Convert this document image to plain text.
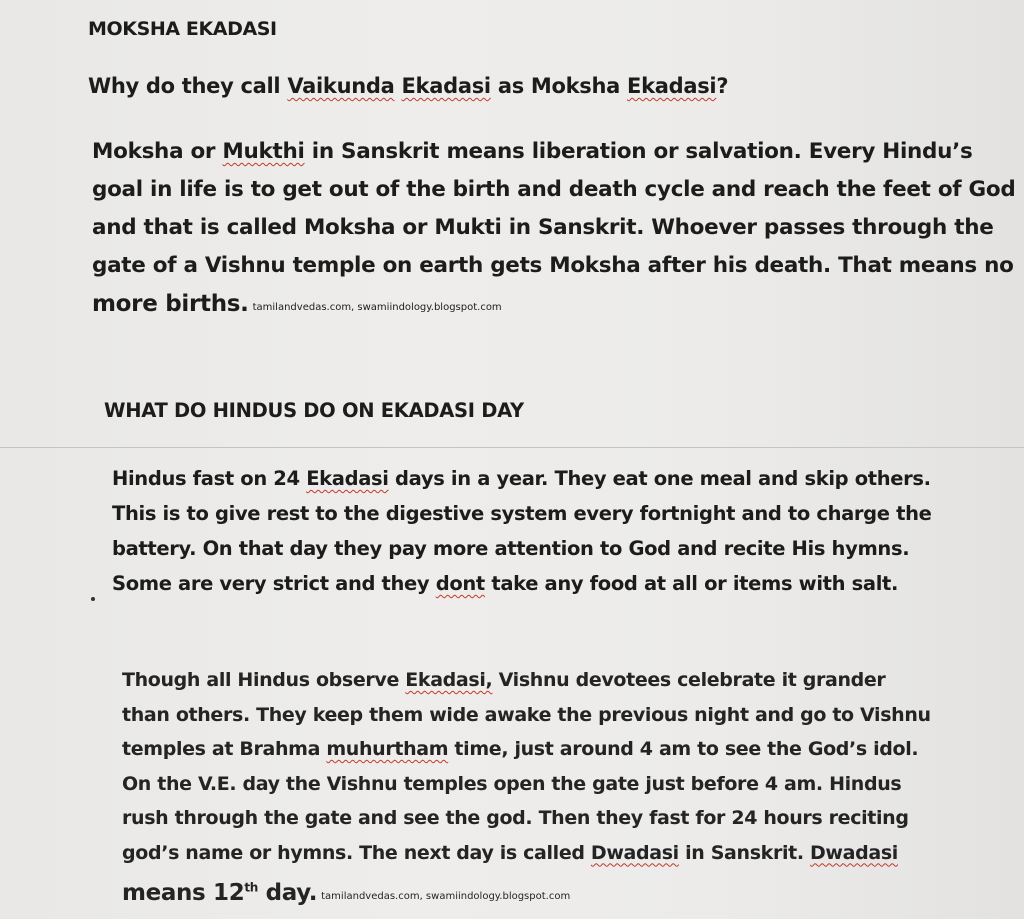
MOKSHA EKADASI
Why do they call Vaikunda Ekadasi as Moksha Ekadasi?
Moksha or Mukthi in Sanskrit means liberation or salvation. Every Hindu’s
goal in life is to get out of the birth and death cycle and reach the feet of God
and that is called Moksha or Mukti in Sanskrit. Whoever passes through the
gate of a Vishnu temple on earth gets Moksha after his death. That means no
more births. tamilandvedas.com, swamiindology.blogspot.com
WHAT DO HINDUS DO ON EKADASI DAY
Hindus fast on 24 Ekadasi days in a year. They eat one meal and skip others.
This is to give rest to the digestive system every fortnight and to charge the
battery. On that day they pay more attention to God and recite His hymns.
Some are very strict and they dont take any food at all or items with salt.
Though all Hindus observe Ekadasi, Vishnu devotees celebrate it grander
than others. They keep them wide awake the previous night and go to Vishnu
temples at Brahma muhurtham time, just around 4 am to see the God’s idol.
On the V.E. day the Vishnu temples open the gate just before 4 am. Hindus
rush through the gate and see the god. Then they fast for 24 hours reciting
god’s name or hymns. The next day is called Dwadasi in Sanskrit. Dwadasi
means 12th day. tamilandvedas.com, swamiindology.blogspot.com
